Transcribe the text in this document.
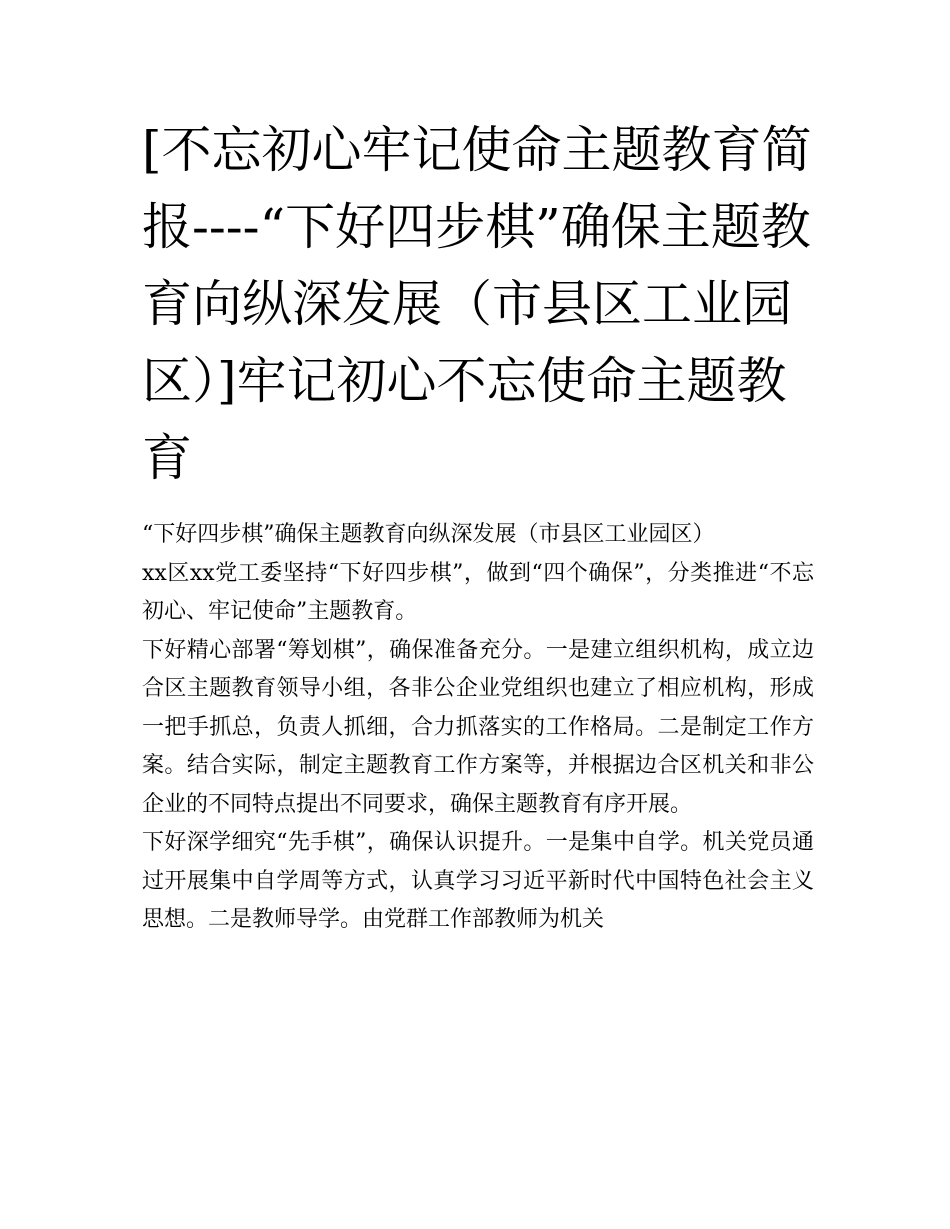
[不忘初心牢记使命主题教育简报----“下好四步棋”确保主题教育向纵深发展（市县区工业园区）]牢记初心不忘使命主题教育

“下好四步棋”确保主题教育向纵深发展（市县区工业园区）

xx区xx党工委坚持“下好四步棋”，做到“四个确保”，分类推进“不忘初心、牢记使命”主题教育。

下好精心部署“筹划棋”，确保准备充分。一是建立组织机构，成立边合区主题教育领导小组，各非公企业党组织也建立了相应机构，形成一把手抓总，负责人抓细，合力抓落实的工作格局。二是制定工作方案。结合实际，制定主题教育工作方案等，并根据边合区机关和非公企业的不同特点提出不同要求，确保主题教育有序开展。

下好深学细究“先手棋”，确保认识提升。一是集中自学。机关党员通过开展集中自学周等方式，认真学习习近平新时代中国特色社会主义思想。二是教师导学。由党群工作部教师为机关
